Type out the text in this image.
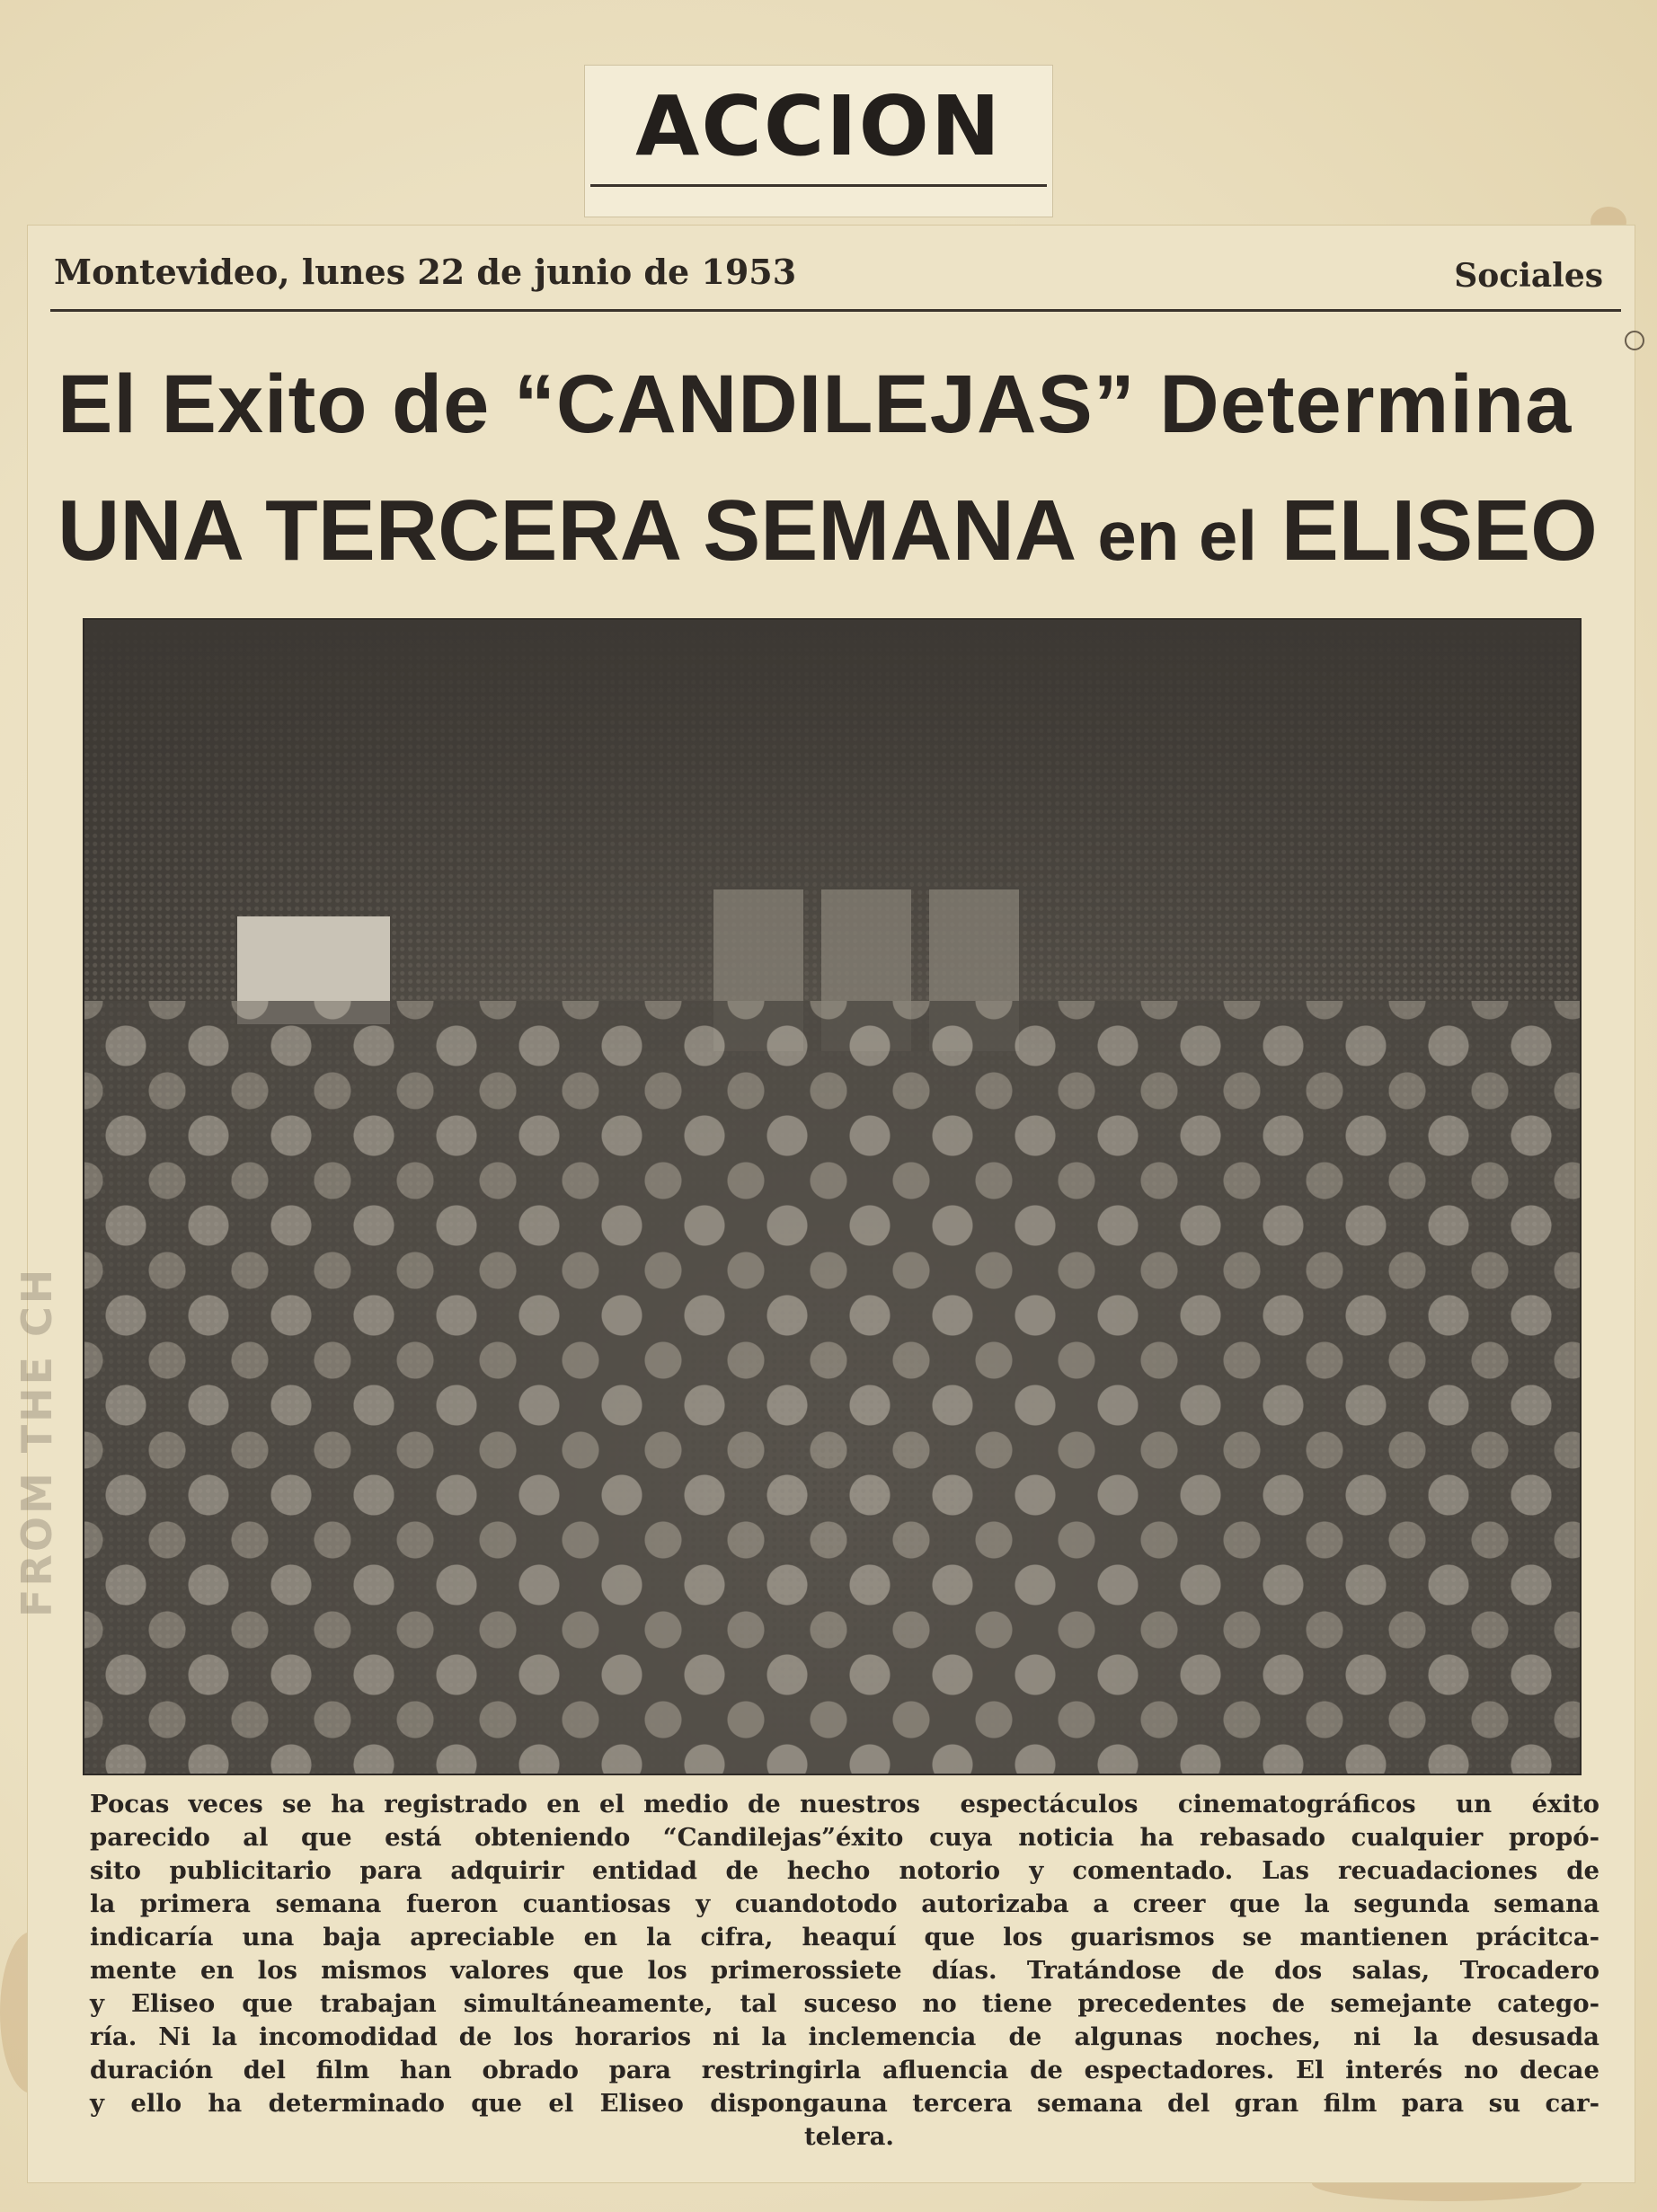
ACCION
Montevideo, lunes 22 de junio de 1953	Sociales
El Exito de “CANDILEJAS” Determina
UNA TERCERA SEMANA en el ELISEO
FROM THE CH
Pocas veces se ha registrado en el medio de nu estros espectáculos cinematográficos un éxito
parecido al que está obteniendo “Candilejas” éxito cuya noticia ha rebasado cualquier propó-
sito publicitario para adquirir entidad de hec ho notorio y comentado. Las recuadaciones de
la primera semana fueron cuantiosas y cuando todo autorizaba a creer que la segunda semana
indicaría una baja apreciable en la cifra, he aquí que los guarismos se mantienen prácitca-
mente en los mismos valores que los primeros siete días. Tratándose de dos salas, Trocadero
y Eliseo que trabajan simultáneamente, tal su ceso no tiene precedentes de semejante catego-
ría. Ni la incomodidad de los horarios ni la in clemencia de algunas noches, ni la desusada
duración del film han obrado para restringir la afluencia de espectadores. El interés no decae
y ello ha determinado que el Eliseo disponga una tercera semana del gran film para su car-
telera.
